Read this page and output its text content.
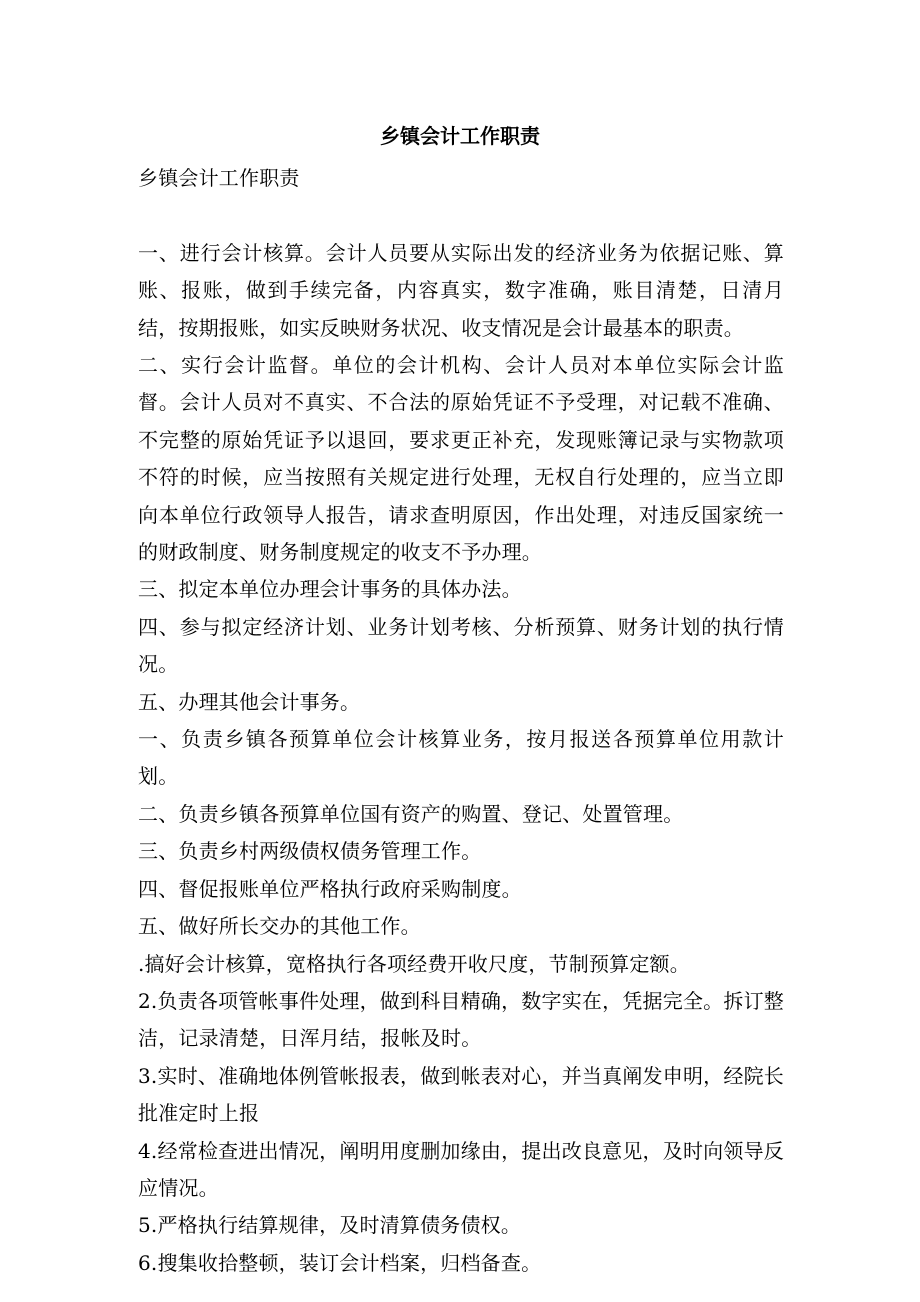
乡镇会计工作职责

乡镇会计工作职责

一、进行会计核算。会计人员要从实际出发的经济业务为依据记账、算账、报账，做到手续完备，内容真实，数字准确，账目清楚，日清月结，按期报账，如实反映财务状况、收支情况是会计最基本的职责。

二、实行会计监督。单位的会计机构、会计人员对本单位实际会计监督。会计人员对不真实、不合法的原始凭证不予受理，对记载不准确、不完整的原始凭证予以退回，要求更正补充，发现账簿记录与实物款项不符的时候，应当按照有关规定进行处理，无权自行处理的，应当立即向本单位行政领导人报告，请求查明原因，作出处理，对违反国家统一的财政制度、财务制度规定的收支不予办理。

三、拟定本单位办理会计事务的具体办法。

四、参与拟定经济计划、业务计划考核、分析预算、财务计划的执行情况。

五、办理其他会计事务。

一、负责乡镇各预算单位会计核算业务，按月报送各预算单位用款计划。

二、负责乡镇各预算单位国有资产的购置、登记、处置管理。

三、负责乡村两级债权债务管理工作。

四、督促报账单位严格执行政府采购制度。

五、做好所长交办的其他工作。

.搞好会计核算，宽格执行各项经费开收尺度，节制预算定额。

2.负责各项管帐事件处理，做到科目精确，数字实在，凭据完全。拆订整洁，记录清楚，日浑月结，报帐及时。

3.实时、准确地体例管帐报表，做到帐表对心，并当真阐发申明，经院长批准定时上报

4.经常检查进出情况，阐明用度删加缘由，提出改良意见，及时向领导反应情况。

5.严格执行结算规律，及时清算债务债权。

6.搜集收拾整顿，装订会计档案，归档备查。
